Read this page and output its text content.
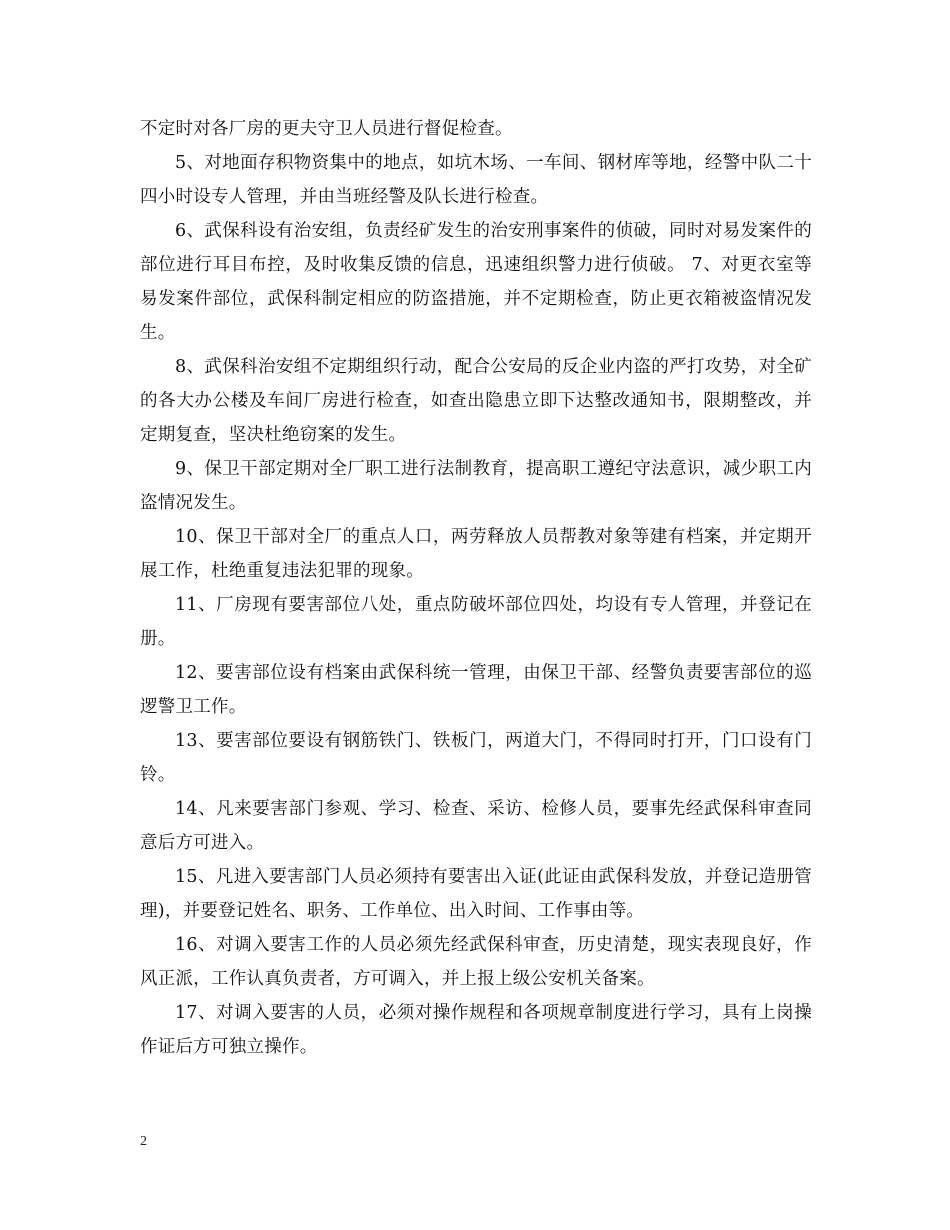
不定时对各厂房的更夫守卫人员进行督促检查。

5、对地面存积物资集中的地点，如坑木场、一车间、钢材库等地，经警中队二十四小时设专人管理，并由当班经警及队长进行检查。

6、武保科设有治安组，负责经矿发生的治安刑事案件的侦破，同时对易发案件的部位进行耳目布控，及时收集反馈的信息，迅速组织警力进行侦破。 7、对更衣室等易发案件部位，武保科制定相应的防盗措施，并不定期检查，防止更衣箱被盗情况发生。

8、武保科治安组不定期组织行动，配合公安局的反企业内盗的严打攻势，对全矿的各大办公楼及车间厂房进行检查，如查出隐患立即下达整改通知书，限期整改，并定期复查，坚决杜绝窃案的发生。

9、保卫干部定期对全厂职工进行法制教育，提高职工遵纪守法意识，减少职工内盗情况发生。

10、保卫干部对全厂的重点人口，两劳释放人员帮教对象等建有档案，并定期开展工作，杜绝重复违法犯罪的现象。

11、厂房现有要害部位八处，重点防破坏部位四处，均设有专人管理，并登记在册。

12、要害部位设有档案由武保科统一管理，由保卫干部、经警负责要害部位的巡逻警卫工作。

13、要害部位要设有钢筋铁门、铁板门，两道大门，不得同时打开，门口设有门铃。

14、凡来要害部门参观、学习、检查、采访、检修人员，要事先经武保科审查同意后方可进入。

15、凡进入要害部门人员必须持有要害出入证(此证由武保科发放，并登记造册管理)，并要登记姓名、职务、工作单位、出入时间、工作事由等。

16、对调入要害工作的人员必须先经武保科审查，历史清楚，现实表现良好，作风正派，工作认真负责者，方可调入，并上报上级公安机关备案。

17、对调入要害的人员，必须对操作规程和各项规章制度进行学习，具有上岗操作证后方可独立操作。

2
